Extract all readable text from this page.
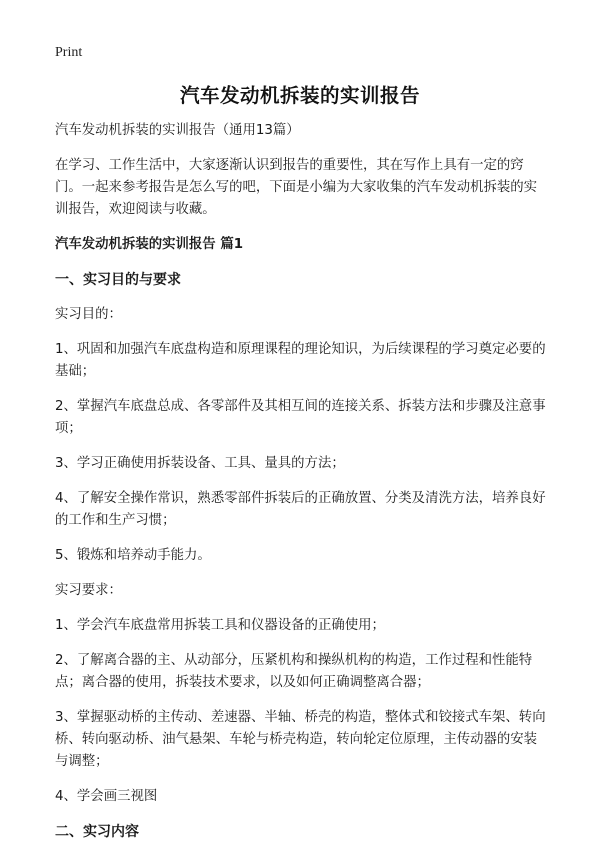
Print
汽车发动机拆装的实训报告

汽车发动机拆装的实训报告（通用13篇）

在学习、工作生活中，大家逐渐认识到报告的重要性，其在写作上具有一定的窍门。一起来参考报告是怎么写的吧，下面是小编为大家收集的汽车发动机拆装的实训报告，欢迎阅读与收藏。

汽车发动机拆装的实训报告 篇1
一、实习目的与要求

实习目的：

1、巩固和加强汽车底盘构造和原理课程的理论知识，为后续课程的学习奠定必要的基础；

2、掌握汽车底盘总成、各零部件及其相互间的连接关系、拆装方法和步骤及注意事项；

3、学习正确使用拆装设备、工具、量具的方法；

4、了解安全操作常识，熟悉零部件拆装后的正确放置、分类及清洗方法，培养良好的工作和生产习惯；

5、锻炼和培养动手能力。

实习要求：

1、学会汽车底盘常用拆装工具和仪器设备的正确使用；

2、了解离合器的主、从动部分，压紧机构和操纵机构的构造，工作过程和性能特点；离合器的使用，拆装技术要求，以及如何正确调整离合器；

3、掌握驱动桥的主传动、差速器、半轴、桥壳的构造，整体式和铰接式车架、转向桥、转向驱动桥、油气悬架、车轮与桥壳构造，转向轮定位原理，主传动器的安装与调整；

4、学会画三视图

二、实习内容
